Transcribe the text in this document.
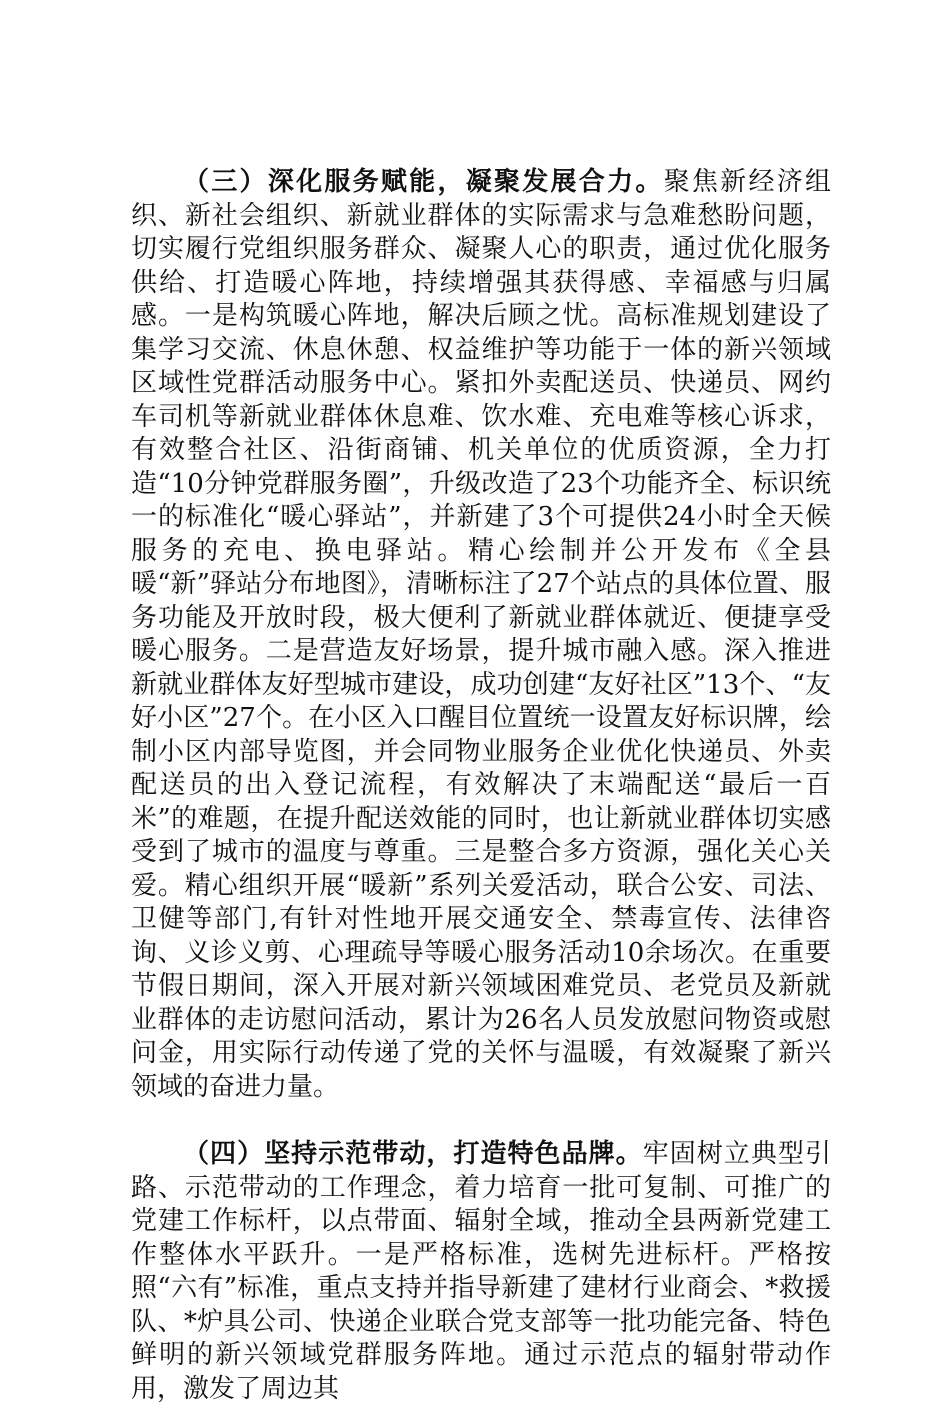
（三）深化服务赋能，凝聚发展合力。聚焦新经济组织、新社会组织、新就业群体的实际需求与急难愁盼问题，切实履行党组织服务群众、凝聚人心的职责，通过优化服务供给、打造暖心阵地，持续增强其获得感、幸福感与归属感。一是构筑暖心阵地，解决后顾之忧。高标准规划建设了集学习交流、休息休憩、权益维护等功能于一体的新兴领域区域性党群活动服务中心。紧扣外卖配送员、快递员、网约车司机等新就业群体休息难、饮水难、充电难等核心诉求，有效整合社区、沿街商铺、机关单位的优质资源，全力打造“10分钟党群服务圈”，升级改造了23个功能齐全、标识统一的标准化“暖心驿站”，并新建了3个可提供24小时全天候服务的充电、换电驿站。精心绘制并公开发布《全县暖“新”驿站分布地图》，清晰标注了27个站点的具体位置、服务功能及开放时段，极大便利了新就业群体就近、便捷享受暖心服务。二是营造友好场景，提升城市融入感。深入推进新就业群体友好型城市建设，成功创建“友好社区”13个、“友好小区”27个。在小区入口醒目位置统一设置友好标识牌，绘制小区内部导览图，并会同物业服务企业优化快递员、外卖配送员的出入登记流程，有效解决了末端配送“最后一百米”的难题，在提升配送效能的同时，也让新就业群体切实感受到了城市的温度与尊重。三是整合多方资源，强化关心关爱。精心组织开展“暖新”系列关爱活动，联合公安、司法、卫健等部门,有针对性地开展交通安全、禁毒宣传、法律咨询、义诊义剪、心理疏导等暖心服务活动10余场次。在重要节假日期间，深入开展对新兴领域困难党员、老党员及新就业群体的走访慰问活动，累计为26名人员发放慰问物资或慰问金，用实际行动传递了党的关怀与温暖，有效凝聚了新兴领域的奋进力量。

（四）坚持示范带动，打造特色品牌。牢固树立典型引路、示范带动的工作理念，着力培育一批可复制、可推广的党建工作标杆，以点带面、辐射全域，推动全县两新党建工作整体水平跃升。一是严格标准，选树先进标杆。严格按照“六有”标准，重点支持并指导新建了建材行业商会、*救援队、*炉具公司、快递企业联合党支部等一批功能完备、特色鲜明的新兴领域党群服务阵地。通过示范点的辐射带动作用，激发了周边其
